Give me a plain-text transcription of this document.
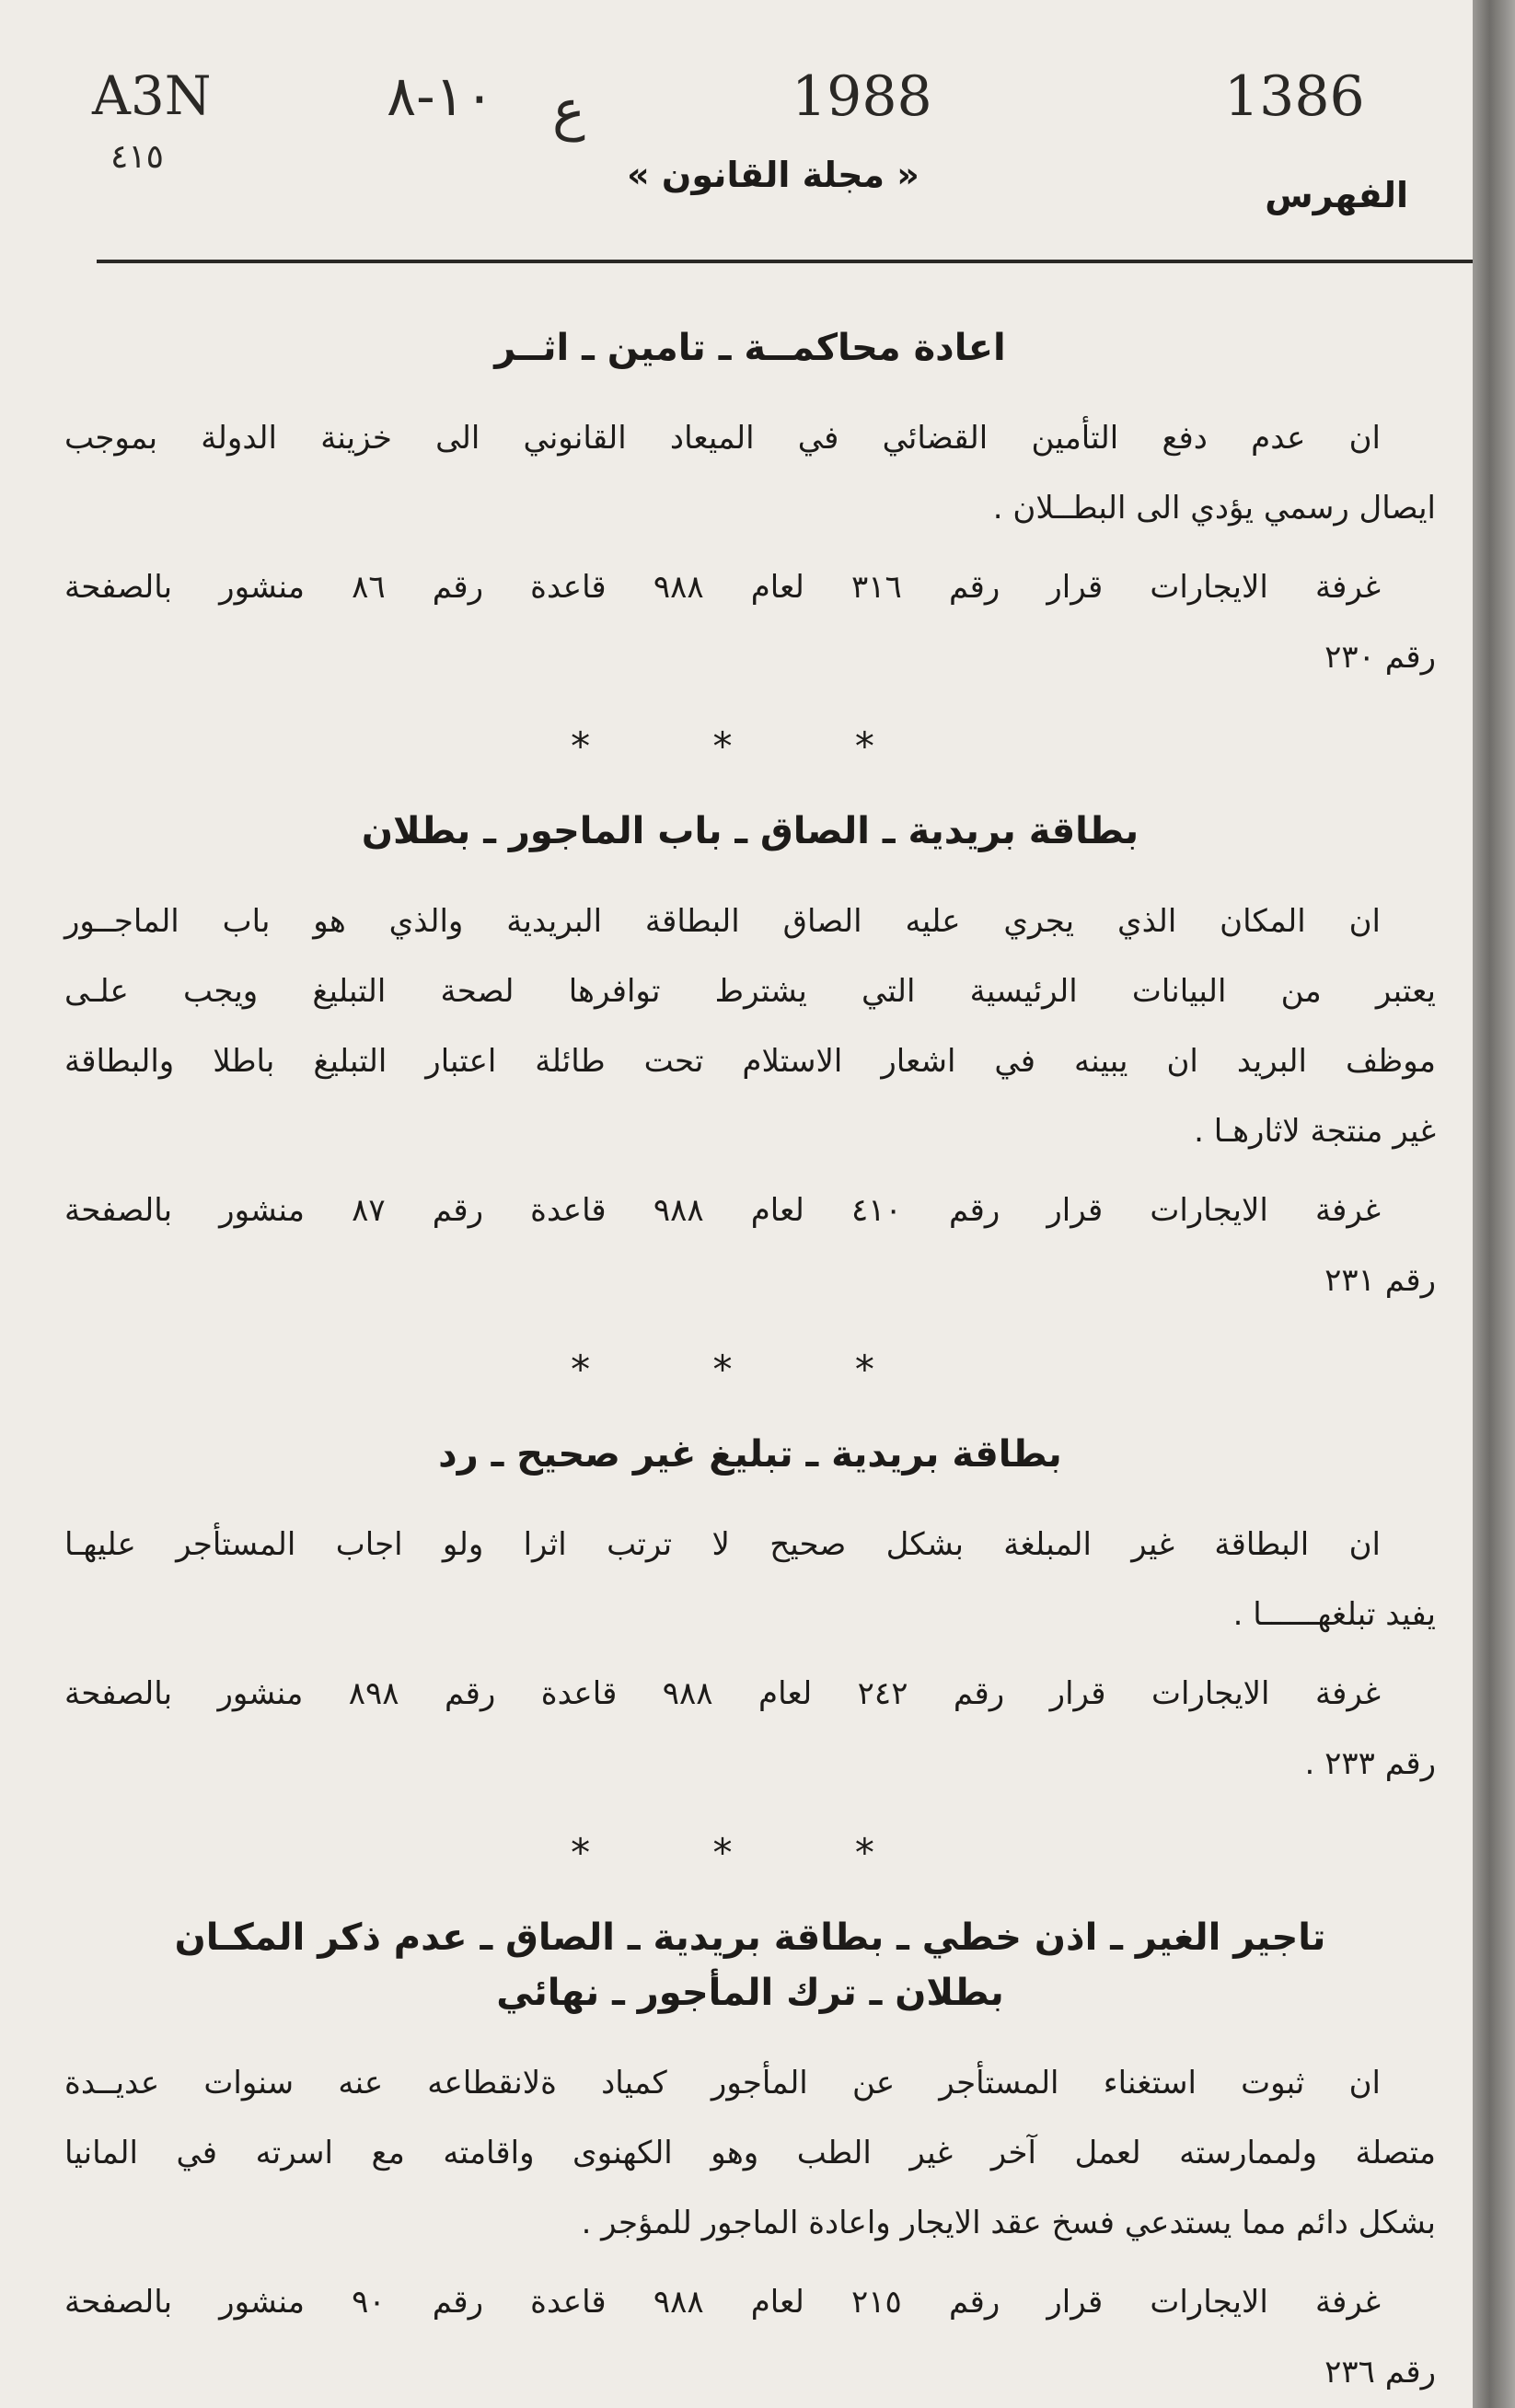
A3N
٤١٥
١٠-٨ ع	1988	1386
« مجلة القانون »	الفهرس
اعادة محاكمــة ـ تامين ـ اثــر
ان عدم دفع التأمين القضائي في الميعاد القانوني الى خزينة الدولة بموجب
ايصال رسمي يؤدي الى البطــلان .
غرفة الايجارات قرار رقم ٣١٦ لعام ٩٨٨ قاعدة رقم ٨٦ منشور بالصفحة
رقم ٢٣٠
* * *
بطاقة بريدية ـ الصاق ـ باب الماجور ـ بطلان
ان المكان الذي يجري عليه الصاق البطاقة البريدية والذي هو باب الماجــور
يعتبر من البيانات الرئيسية التي يشترط توافرها لصحة التبليغ ويجب علـى
موظف البريد ان يبينه في اشعار الاستلام تحت طائلة اعتبار التبليغ باطلا والبطاقة
غير منتجة لاثارهـا .
غرفة الايجارات قرار رقم ٤١٠ لعام ٩٨٨ قاعدة رقم ٨٧ منشور بالصفحة
رقم ٢٣١
* * *
بطاقة بريدية ـ تبليغ غير صحيح ـ رد
ان البطاقة غير المبلغة بشكل صحيح لا ترتب اثرا ولو اجاب المستأجر عليهـا
يفيد تبلغهــــــا .
غرفة الايجارات قرار رقم ٢٤٢ لعام ٩٨٨ قاعدة رقم ٨٩٨ منشور بالصفحة
رقم ٢٣٣ .
* * *
تاجير الغير ـ اذن خطي ـ بطاقة بريدية ـ الصاق ـ عدم ذكر المكـان
بطلان ـ ترك المأجور ـ نهائي
ان ثبوت استغناء المستأجر عن المأجور كمياد ةلانقطاعه عنه سنوات عديــدة
متصلة ولممارسته لعمل آخر غير الطب وهو الكهنوى واقامته مع اسرته في المانيا
بشكل دائم مما يستدعي فسخ عقد الايجار واعادة الماجور للمؤجر .
غرفة الايجارات قرار رقم ٢١٥ لعام ٩٨٨ قاعدة رقم ٩٠ منشور بالصفحة
رقم ٢٣٦
